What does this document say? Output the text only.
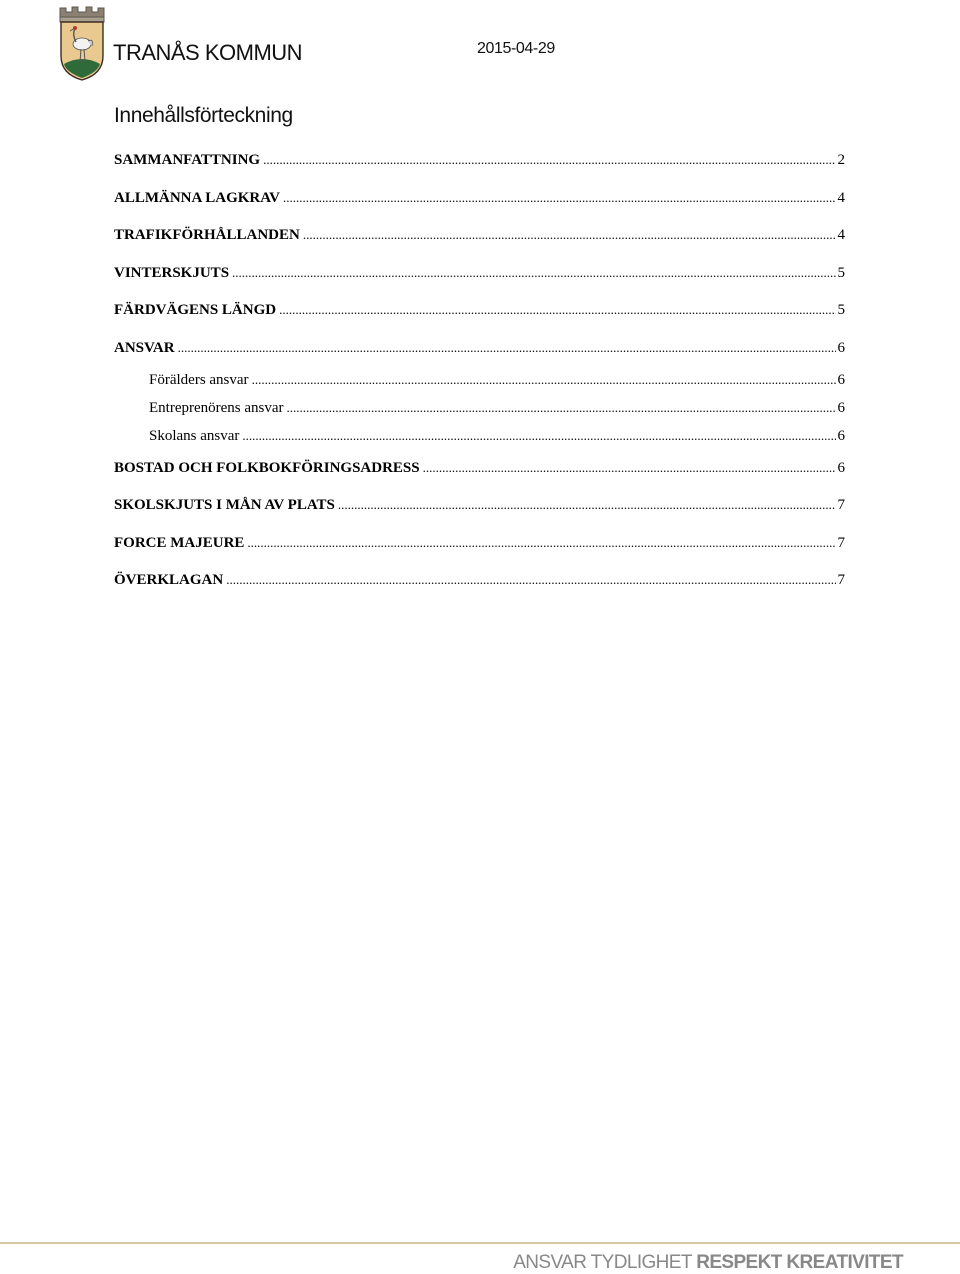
TRANÅS KOMMUN	2015-04-29
Innehållsförteckning
SAMMANFATTNING .....	2
ALLMÄNNA LAGKRAV .....	4
TRAFIKFÖRHÅLLANDEN .....	4
VINTERSKJUTS .....	5
FÄRDVÄGENS LÄNGD .....	5
ANSVAR .....	6
Förälders ansvar .....	6
Entreprenörens ansvar .....	6
Skolans ansvar .....	6
BOSTAD OCH FOLKBOKFÖRINGSADRESS .....	6
SKOLSKJUTS I MÅN AV PLATS .....	7
FORCE MAJEURE .....	7
ÖVERKLAGAN .....	7
ANSVAR TYDLIGHET RESPEKT KREATIVITET
